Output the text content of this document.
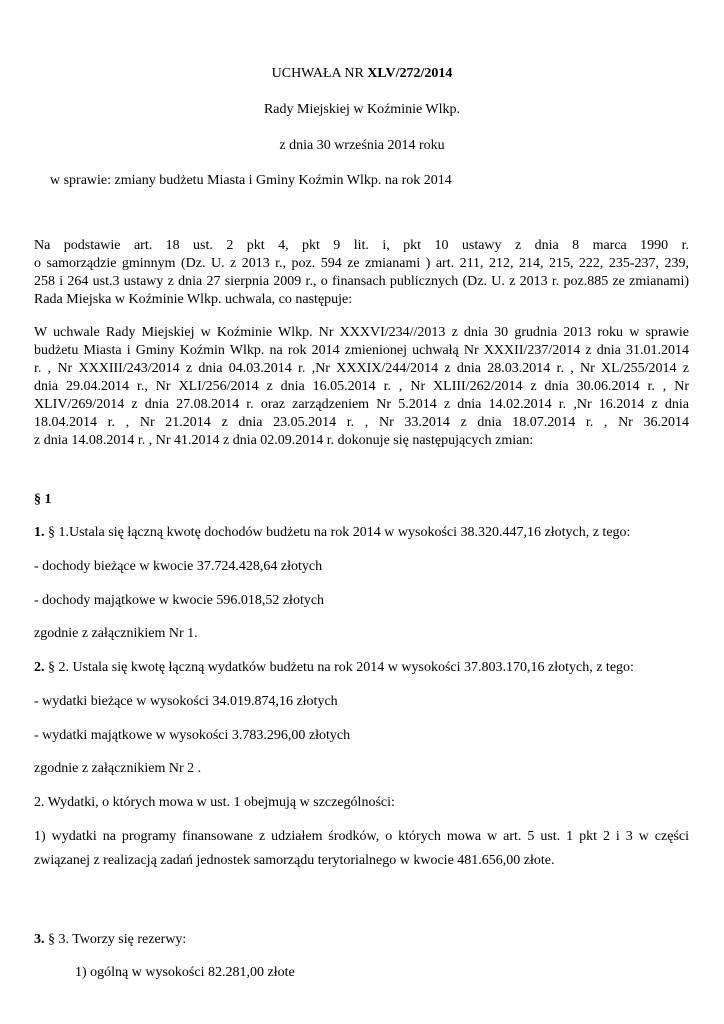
UCHWAŁA NR XLV/272/2014
Rady Miejskiej w Koźminie Wlkp.
z dnia 30 września 2014 roku
w sprawie: zmiany budżetu Miasta i Gminy Koźmin Wlkp. na rok 2014
Na podstawie art. 18 ust. 2 pkt 4, pkt 9 lit. i, pkt 10 ustawy z dnia 8 marca 1990 r.
o samorządzie gminnym (Dz. U. z 2013 r., poz. 594 ze zmianami ) art. 211, 212, 214, 215, 222, 235-237, 239,
258 i 264 ust.3 ustawy z dnia 27 sierpnia 2009 r., o finansach publicznych (Dz. U. z 2013 r. poz.885 ze zmianami)
Rada Miejska w Koźminie Wlkp. uchwala, co następuje:
W uchwale Rady Miejskiej w Koźminie Wlkp. Nr XXXVI/234//2013 z dnia 30 grudnia 2013 roku w sprawie
budżetu Miasta i Gminy Koźmin Wlkp. na rok 2014 zmienionej uchwałą Nr XXXII/237/2014 z dnia 31.01.2014
r. , Nr XXXIII/243/2014 z dnia 04.03.2014 r. ,Nr XXXIX/244/2014 z dnia 28.03.2014 r. , Nr XL/255/2014 z
dnia 29.04.2014 r., Nr XLI/256/2014 z dnia 16.05.2014 r. , Nr XLIII/262/2014 z dnia 30.06.2014 r. , Nr
XLIV/269/2014 z dnia 27.08.2014 r. oraz zarządzeniem Nr 5.2014 z dnia 14.02.2014 r. ,Nr 16.2014 z dnia
18.04.2014 r. , Nr 21.2014 z dnia 23.05.2014 r. , Nr 33.2014 z dnia 18.07.2014 r. , Nr 36.2014
z dnia 14.08.2014 r. , Nr 41.2014 z dnia 02.09.2014 r. dokonuje się następujących zmian:
§ 1
1. § 1.Ustala się łączną kwotę dochodów budżetu na rok 2014 w wysokości 38.320.447,16 złotych, z tego:
- dochody bieżące w kwocie 37.724.428,64 złotych
- dochody majątkowe w kwocie 596.018,52 złotych
zgodnie z załącznikiem Nr 1.
2. § 2. Ustala się kwotę łączną wydatków budżetu na rok 2014 w wysokości 37.803.170,16 złotych, z tego:
- wydatki bieżące w wysokości 34.019.874,16 złotych
- wydatki majątkowe w wysokości 3.783.296,00 złotych
zgodnie z załącznikiem Nr 2 .
2. Wydatki, o których mowa w ust. 1 obejmują w szczególności:
1) wydatki na programy finansowane z udziałem środków, o których mowa w art. 5 ust. 1 pkt 2 i 3 w części
związanej z realizacją zadań jednostek samorządu terytorialnego w kwocie 481.656,00 złote.
3. § 3. Tworzy się rezerwy:
1) ogólną w wysokości 82.281,00 złote
